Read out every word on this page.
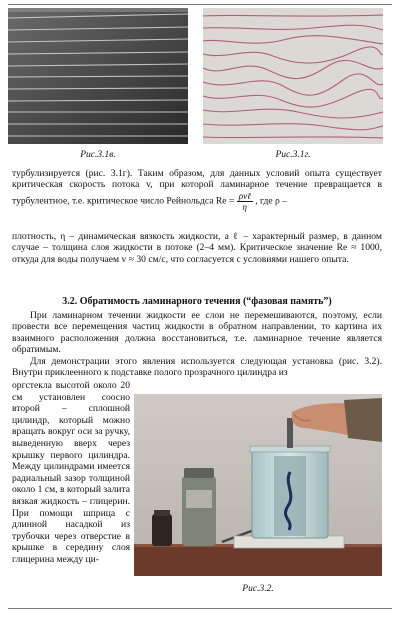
Рис.3.1в.	Рис.3.1г.

турбулизируется (рис. 3.1г). Таким образом, для данных условий опыта существует критическая скорость потока v, при которой ламинарное течение превращается в турбулентное, т.е. критическое число Рейнольдса $Re = \frac{\text{ρvℓ}}{\eta}$ , где ρ –

плотность, η – динамическая вязкость жидкости, а ℓ – характерный размер, в данном случае – толщина слоя жидкости в потоке (2–4 мм). Критическое значение Re ≈ 1000, откуда для воды получаем v ≈ 30 см/с, что согласуется с условиями нашего опыта.

3.2. Обратимость ламинарного течения (“фазовая память”)

При ламинарном течении жидкости ее слои не перемешиваются, поэтому, если провести все перемещения частиц жидкости в обратном направлении, то картина их взаимного расположения должна восстановиться, т.е. ламинарное течение является обратимым.

Для демонстрации этого явления используется следующая установка (рис. 3.2). Внутри приклеенного к подставке полого прозрачного цилиндра из

оргстекла высотой около 20 см установлен соосно второй – сплошной цилиндр, который можно вращать вокруг оси за ручку, выведенную вверх через крышку первого цилиндра. Между цилиндрами имеется радиальный зазор толщиной около 1 см, в который залита вязкая жидкость – глицерин. При помощи шприца с длинной насадкой из трубочки через отверстие в крышке в середину слоя глицерина между ци-

Рис.3.2.
